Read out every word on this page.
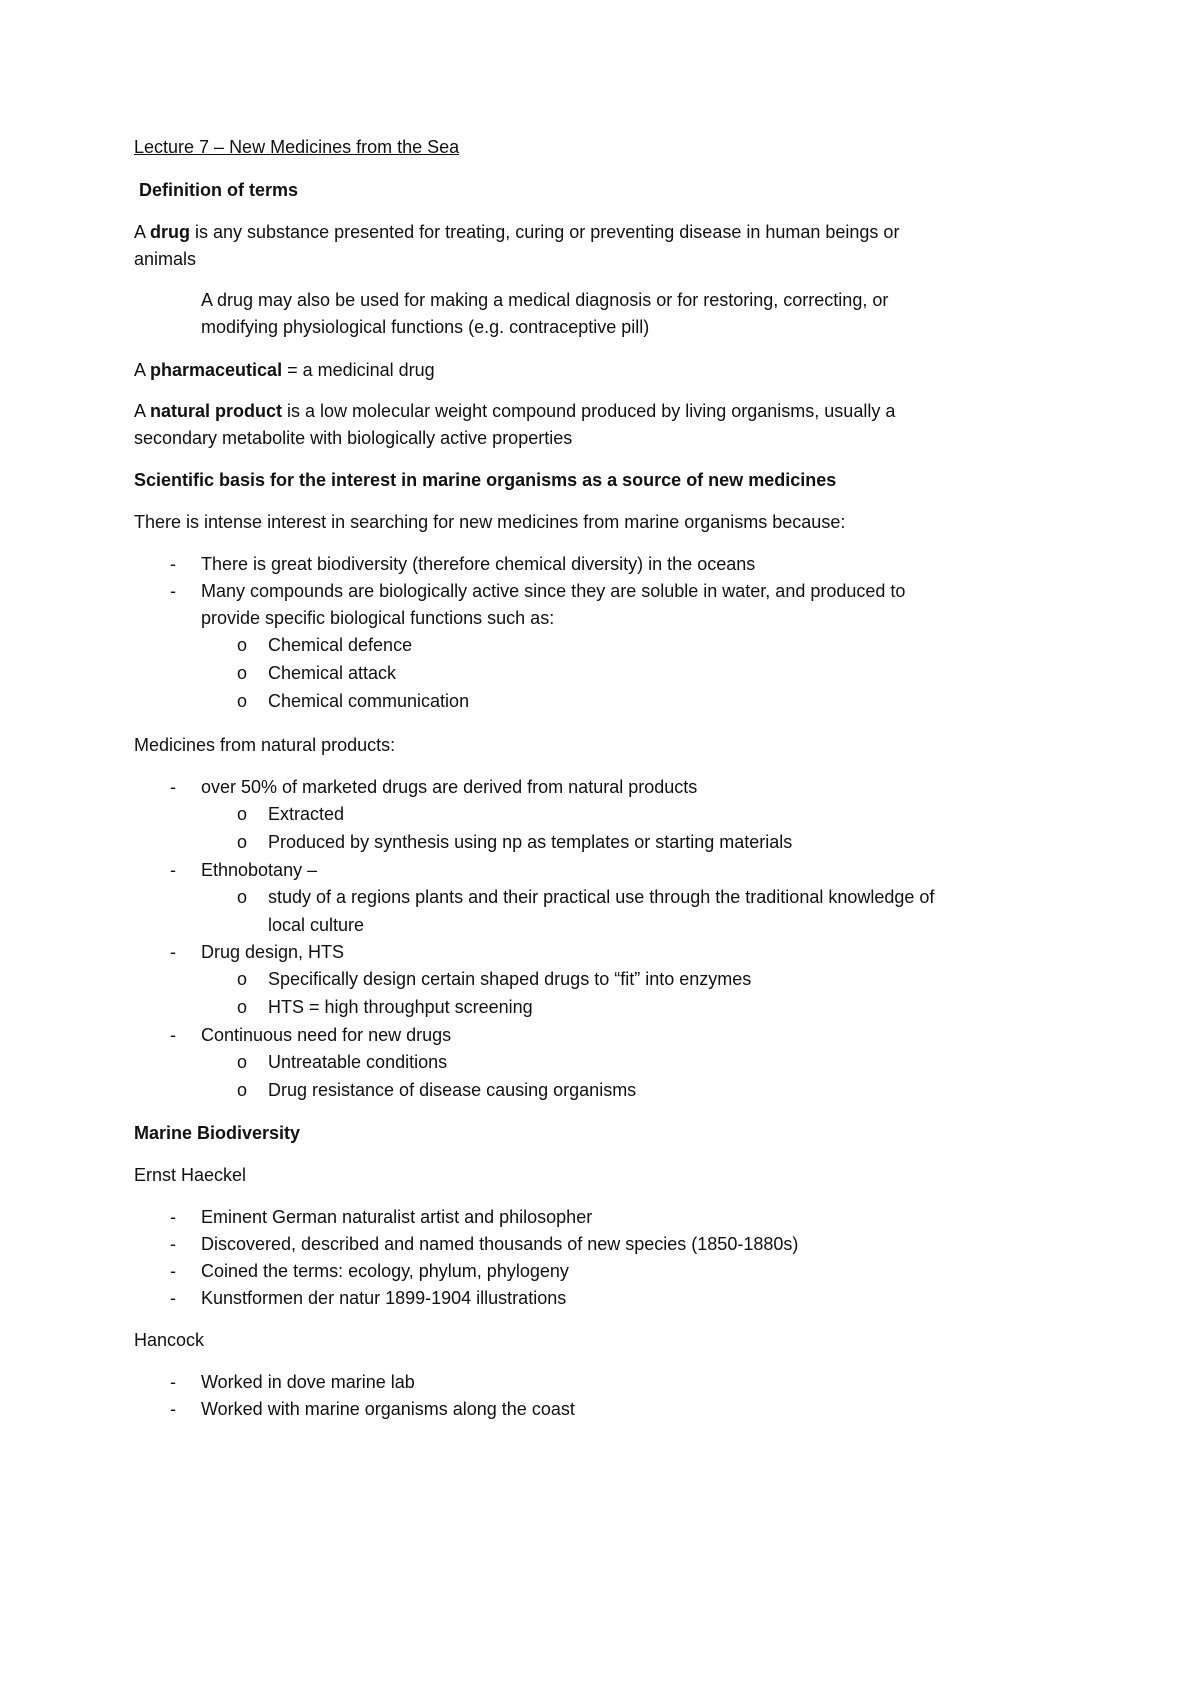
Lecture 7 – New Medicines from the Sea
Definition of terms
A drug is any substance presented for treating, curing or preventing disease in human beings or
animals
A drug may also be used for making a medical diagnosis or for restoring, correcting, or
modifying physiological functions (e.g. contraceptive pill)
A pharmaceutical = a medicinal drug
A natural product is a low molecular weight compound produced by living organisms, usually a
secondary metabolite with biologically active properties
Scientific basis for the interest in marine organisms as a source of new medicines
There is intense interest in searching for new medicines from marine organisms because:
- There is great biodiversity (therefore chemical diversity) in the oceans
- Many compounds are biologically active since they are soluble in water, and produced to
provide specific biological functions such as:
o Chemical defence
o Chemical attack
o Chemical communication
Medicines from natural products:
- over 50% of marketed drugs are derived from natural products
o Extracted
o Produced by synthesis using np as templates or starting materials
- Ethnobotany –
o study of a regions plants and their practical use through the traditional knowledge of
local culture
- Drug design, HTS
o Specifically design certain shaped drugs to “fit” into enzymes
o HTS = high throughput screening
- Continuous need for new drugs
o Untreatable conditions
o Drug resistance of disease causing organisms
Marine Biodiversity
Ernst Haeckel
- Eminent German naturalist artist and philosopher
- Discovered, described and named thousands of new species (1850-1880s)
- Coined the terms: ecology, phylum, phylogeny
- Kunstformen der natur 1899-1904 illustrations
Hancock
- Worked in dove marine lab
- Worked with marine organisms along the coast
